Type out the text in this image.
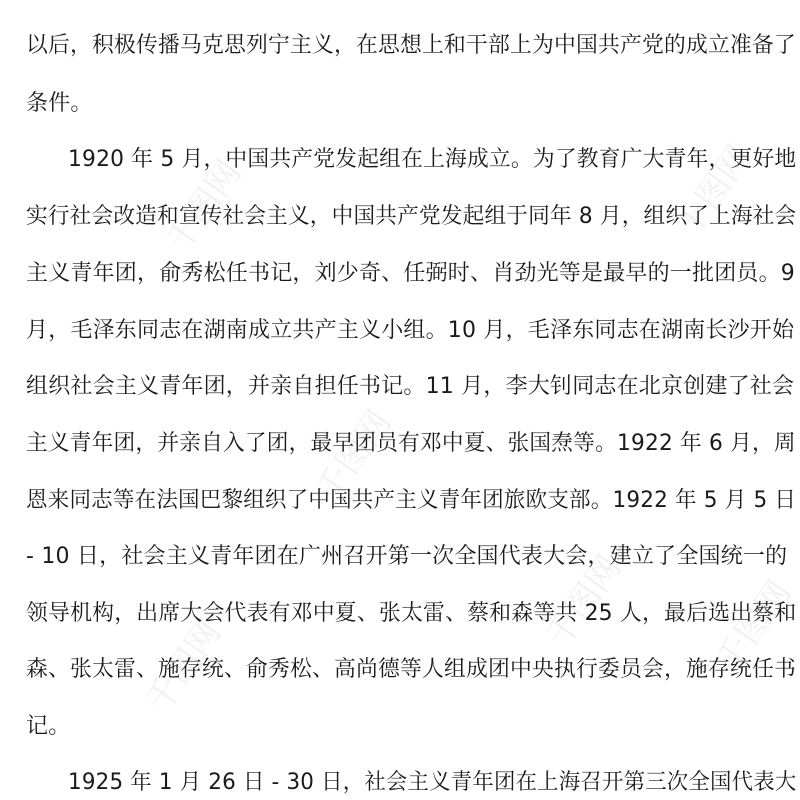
千图网	千图网
千图网
千图网
千图网	千图网
以后，积极传播马克思列宁主义，在思想上和干部上为中国共产党的成立准备了
条件。
1920 年 5 月，中国共产党发起组在上海成立。为了教育广大青年，更好地
实行社会改造和宣传社会主义，中国共产党发起组于同年 8 月，组织了上海社会
主义青年团，俞秀松任书记，刘少奇、任弼时、肖劲光等是最早的一批团员。9
月，毛泽东同志在湖南成立共产主义小组。10 月，毛泽东同志在湖南长沙开始
组织社会主义青年团，并亲自担任书记。11 月，李大钊同志在北京创建了社会
主义青年团，并亲自入了团，最早团员有邓中夏、张国焘等。1922 年 6 月，周
恩来同志等在法国巴黎组织了中国共产主义青年团旅欧支部。1922 年 5 月 5 日
- 10 日，社会主义青年团在广州召开第一次全国代表大会，建立了全国统一的
领导机构，出席大会代表有邓中夏、张太雷、蔡和森等共 25 人，最后选出蔡和
森、张太雷、施存统、俞秀松、高尚德等人组成团中央执行委员会，施存统任书
记。
1925 年 1 月 26 日 - 30 日，社会主义青年团在上海召开第三次全国代表大
